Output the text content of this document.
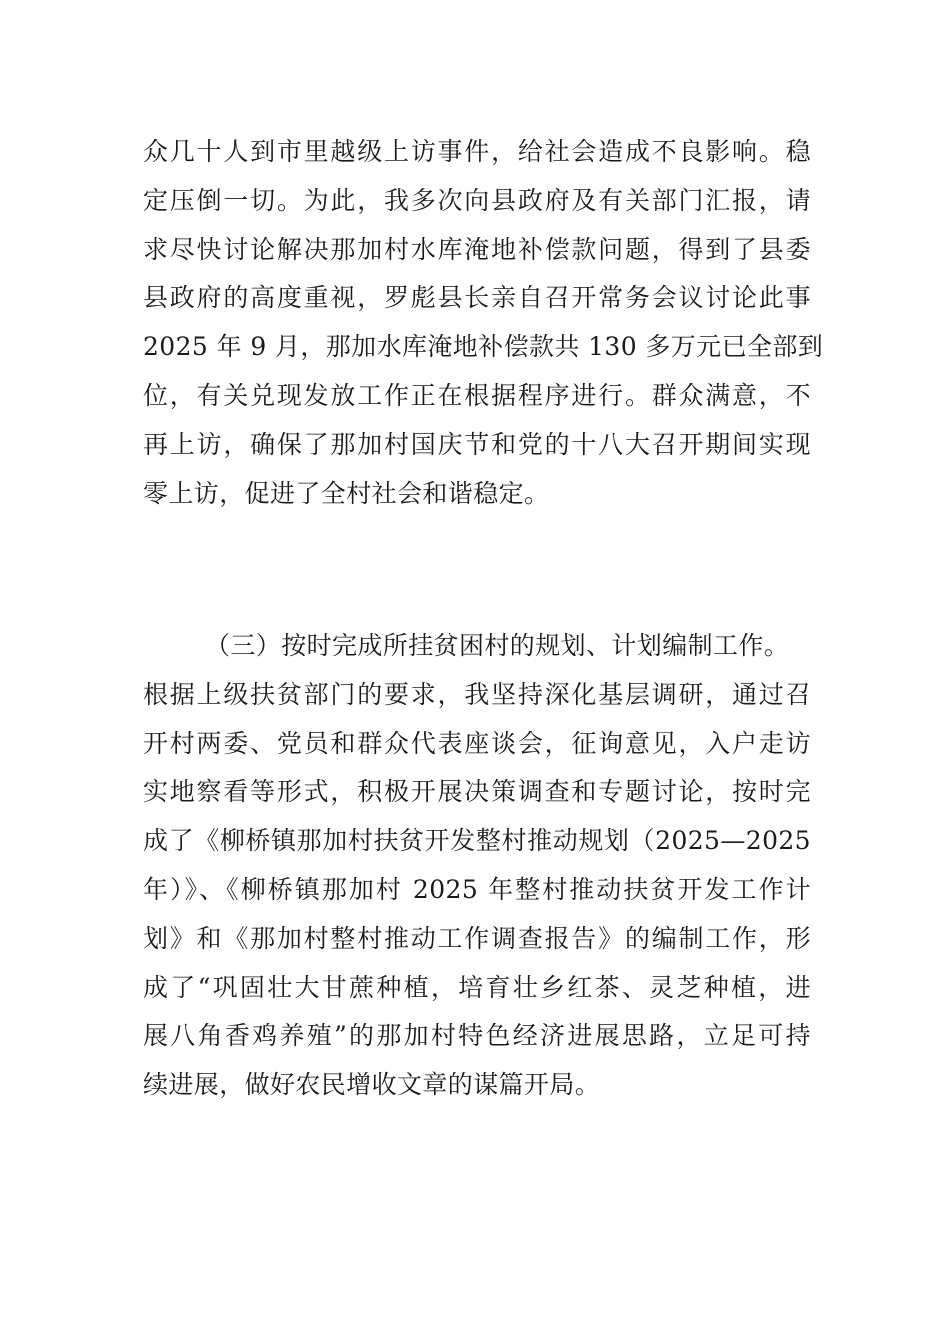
众几十人到市里越级上访事件，给社会造成不良影响。稳
定压倒一切。为此，我多次向县政府及有关部门汇报，请
求尽快讨论解决那加村水库淹地补偿款问题，得到了县委
县政府的高度重视，罗彪县长亲自召开常务会议讨论此事
2025 年 9 月，那加水库淹地补偿款共 130 多万元已全部到
位，有关兑现发放工作正在根据程序进行。群众满意，不
再上访，确保了那加村国庆节和党的十八大召开期间实现
零上访，促进了全村社会和谐稳定。
（三）按时完成所挂贫困村的规划、计划编制工作。
根据上级扶贫部门的要求，我坚持深化基层调研，通过召
开村两委、党员和群众代表座谈会，征询意见，入户走访
实地察看等形式，积极开展决策调查和专题讨论，按时完
成了《柳桥镇那加村扶贫开发整村推动规划（2025—2025
年）》、《柳桥镇那加村 2025 年整村推动扶贫开发工作计
划》和《那加村整村推动工作调查报告》的编制工作，形
成了“巩固壮大甘蔗种植，培育壮乡红茶、灵芝种植，进
展八角香鸡养殖”的那加村特色经济进展思路，立足可持
续进展，做好农民增收文章的谋篇开局。
